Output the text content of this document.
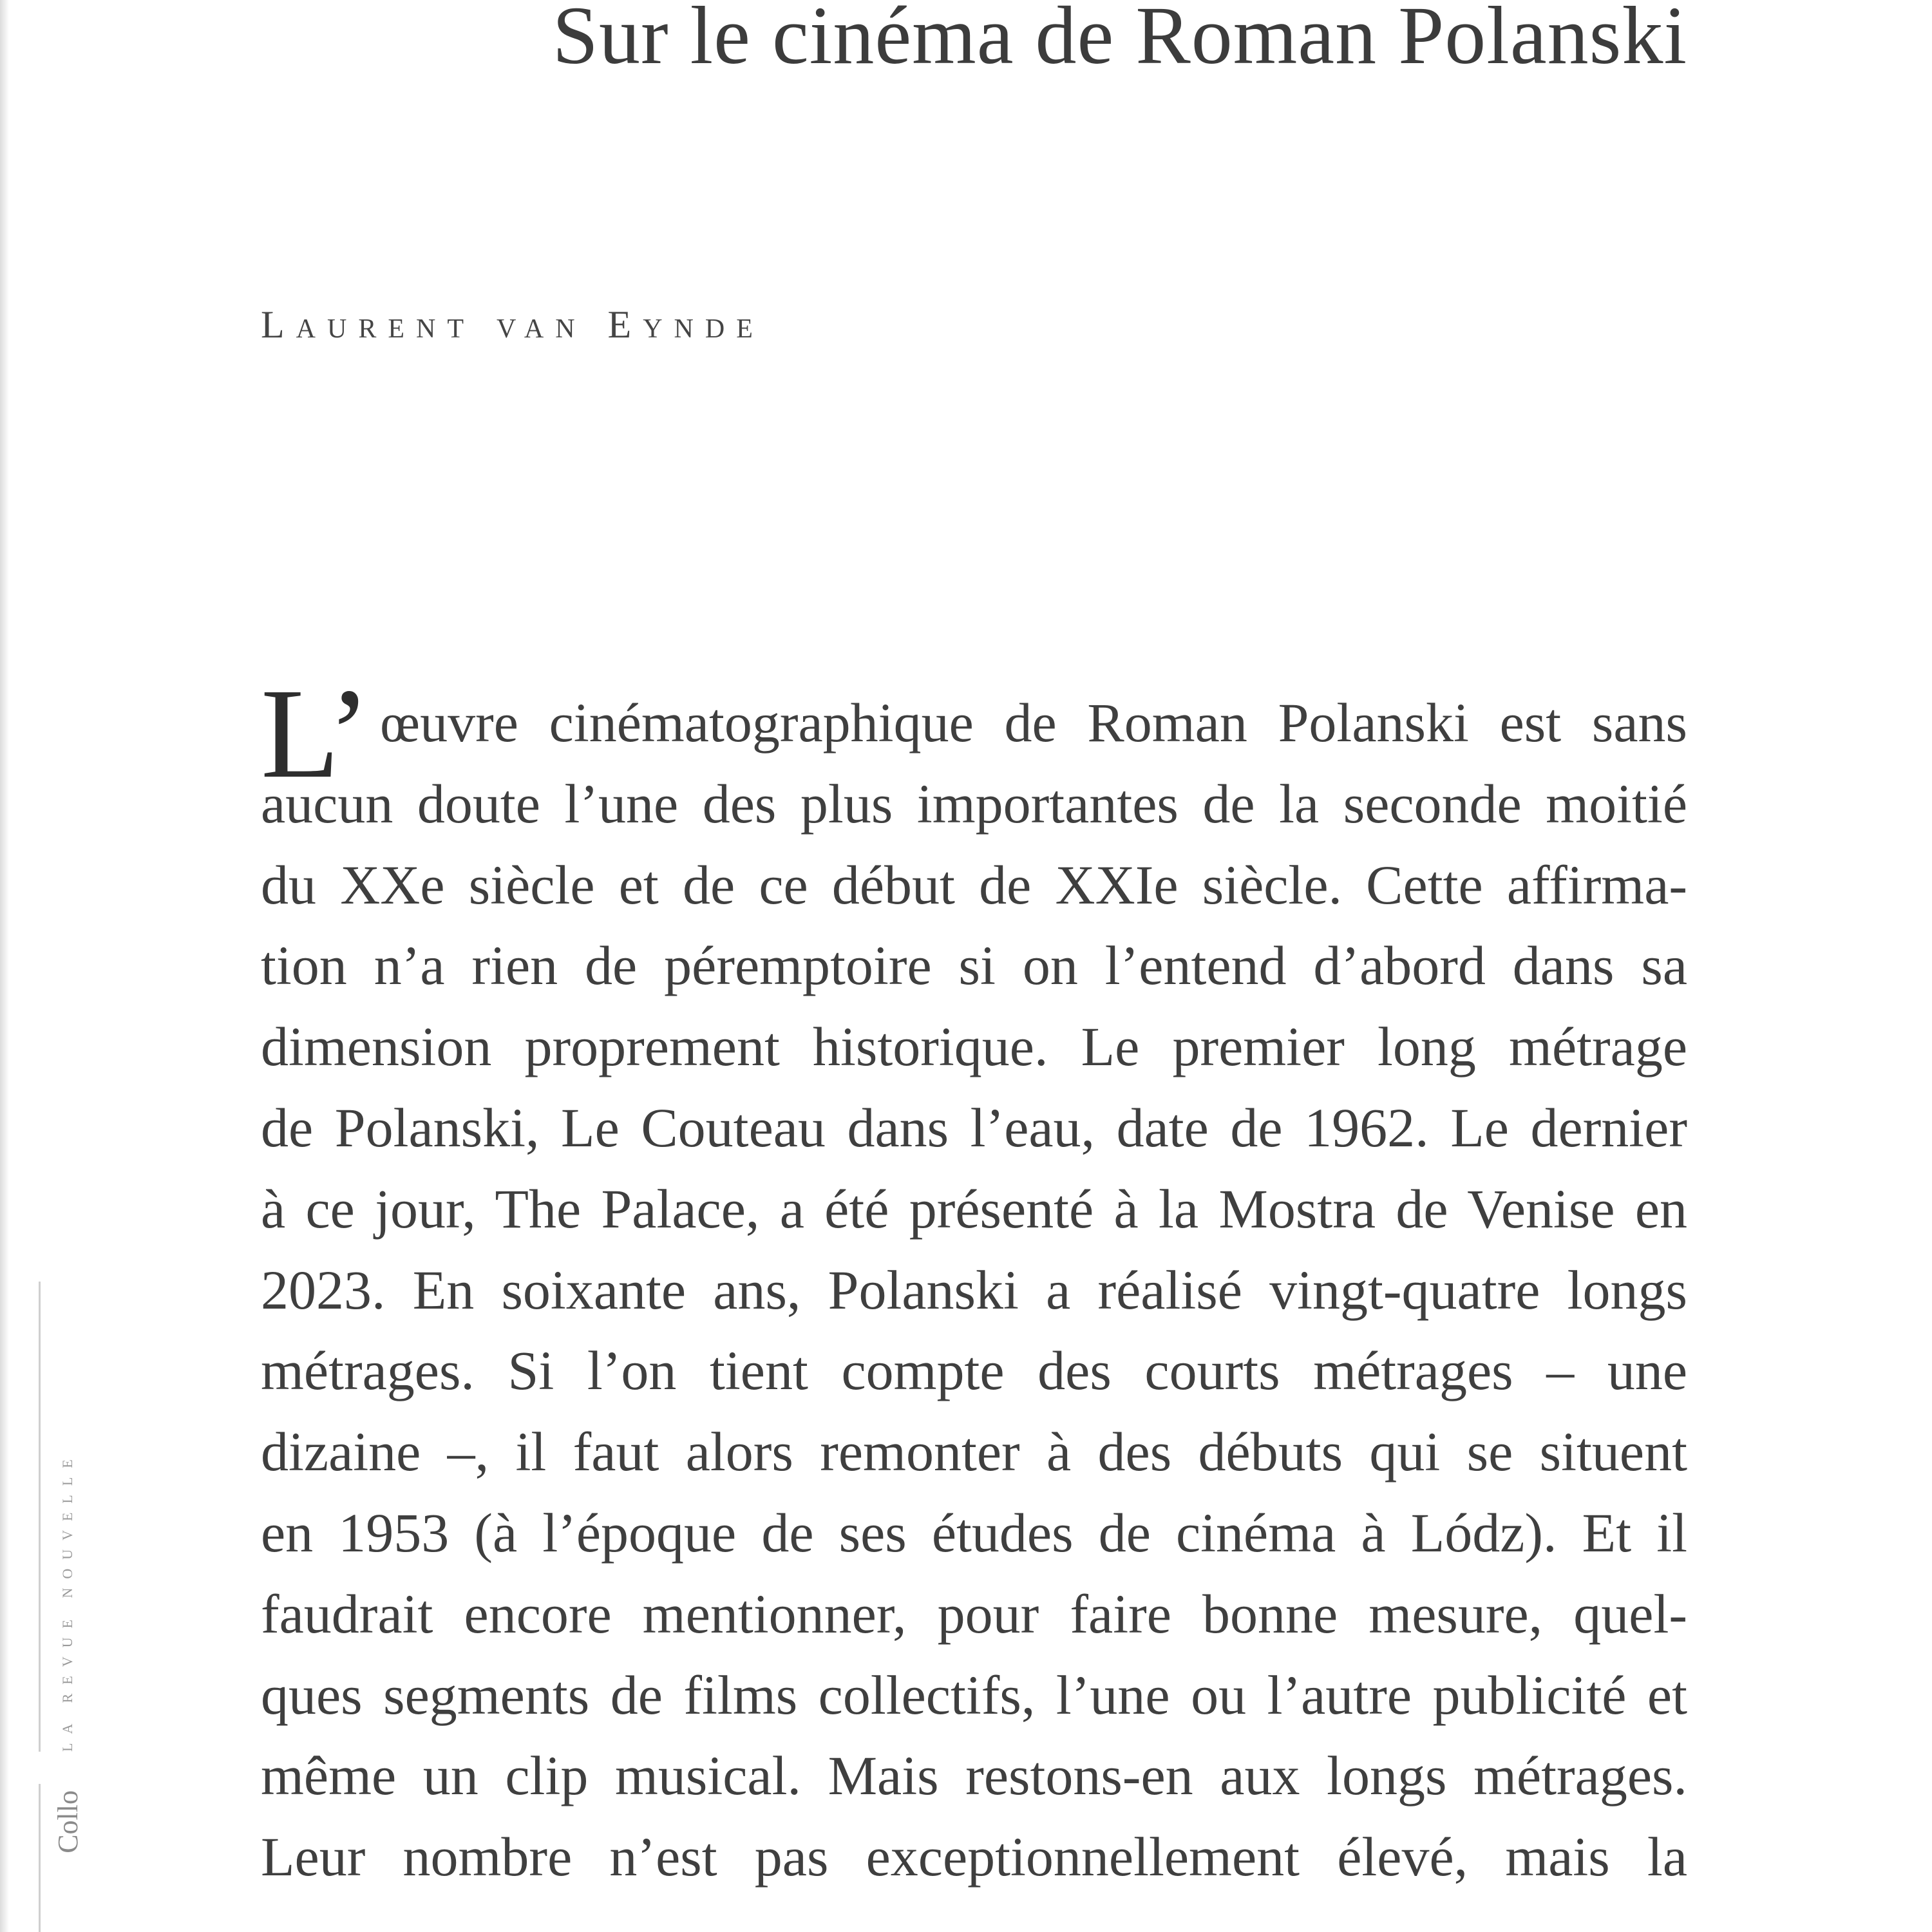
Sur le cinéma de Roman Polanski
Laurent van Eynde
L’ œuvre cinématographique de Roman Polanski est sans
aucun doute l’une des plus importantes de la seconde moitié
du XXe siècle et de ce début de XXIe siècle. Cette affirma-
tion n’a rien de péremptoire si on l’entend d’abord dans sa
dimension proprement historique. Le premier long métrage
de Polanski, Le Couteau dans l’eau, date de 1962. Le dernier
à ce jour, The Palace, a été présenté à la Mostra de Venise en
2023. En soixante ans, Polanski a réalisé vingt-quatre longs
métrages. Si l’on tient compte des courts métrages – une
dizaine –, il faut alors remonter à des débuts qui se situent
en 1953 (à l’époque de ses études de cinéma à Lódz). Et il
faudrait encore mentionner, pour faire bonne mesure, quel-
ques segments de films collectifs, l’une ou l’autre publicité et
même un clip musical. Mais restons-en aux longs métrages.
Leur nombre n’est pas exceptionnellement élevé, mais la
LA REVUE NOUVELLE
Collo
